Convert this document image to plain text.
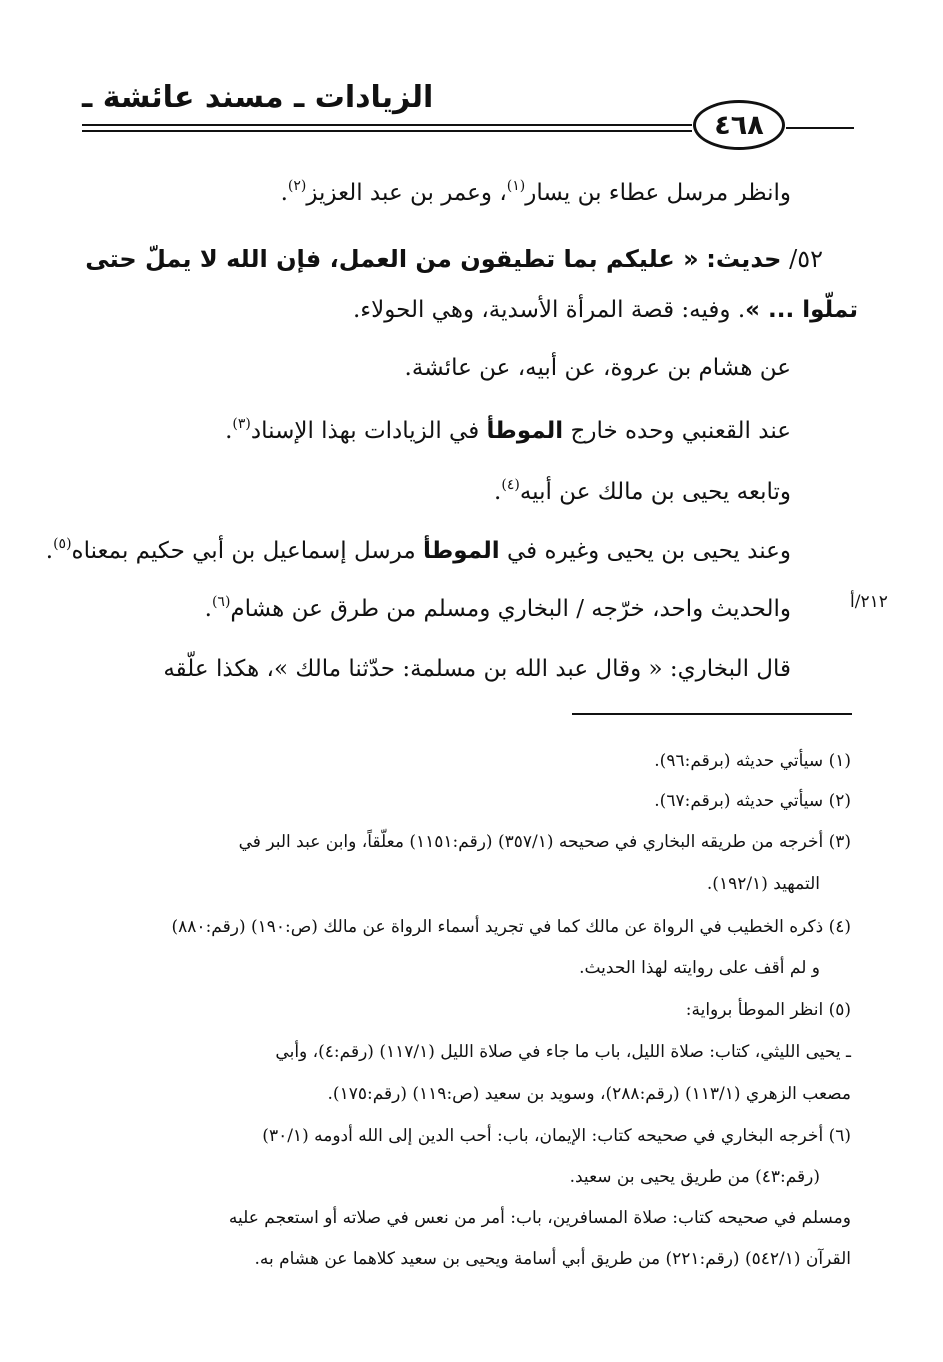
الزيادات ـ مسند عائشة ـ
٤٦٨
وانظر مرسل عطاء بن يسار$^{(١)}$، وعمر بن عبد العزيز$^{(٢)}$.
٥٢/ حديث: « عليكم بما تطيقون من العمل، فإن الله لا يملّ حتى
تملّوا ... ». وفيه: قصة المرأة الأسدية، وهي الحولاء.
عن هشام بن عروة، عن أبيه، عن عائشة.
عند القعنبي وحده خارج الموطأ في الزيادات بهذا الإسناد$^{(٣)}$.
وتابعه يحيى بن مالك عن أبيه$^{(٤)}$.
وعند يحيى بن يحيى وغيره في الموطأ مرسل إسماعيل بن أبي حكيم بمعناه$^{(٥)}$.
والحديث واحد، خرّجه / البخاري ومسلم من طرق عن هشام$^{(٦)}$.	٢١٢/أ
قال البخاري: « وقال عبد الله بن مسلمة: حدّثنا مالك »، هكذا علّقه
(١) سيأتي حديثه (برقم:٩٦).
(٢) سيأتي حديثه (برقم:٦٧).
(٣) أخرجه من طريقه البخاري في صحيحه (٣٥٧/١) (رقم:١١٥١) معلّقاً، وابن عبد البر في
التمهيد (١٩٢/١).
(٤) ذكره الخطيب في الرواة عن مالك كما في تجريد أسماء الرواة عن مالك (ص:١٩٠) (رقم:٨٨٠)
و لم أقف على روايته لهذا الحديث.
(٥) انظر الموطأ برواية:
ـ يحيى الليثي، كتاب: صلاة الليل، باب ما جاء في صلاة الليل (١١٧/١) (رقم:٤)، وأبي
مصعب الزهري (١١٣/١) (رقم:٢٨٨)، وسويد بن سعيد (ص:١١٩) (رقم:١٧٥).
(٦) أخرجه البخاري في صحيحه كتاب: الإيمان، باب: أحب الدين إلى الله أدومه (٣٠/١)
(رقم:٤٣) من طريق يحيى بن سعيد.
ومسلم في صحيحه كتاب: صلاة المسافرين، باب: أمر من نعس في صلاته أو استعجم عليه
القرآن (٥٤٢/١) (رقم:٢٢١) من طريق أبي أسامة ويحيى بن سعيد كلاهما عن هشام به.
